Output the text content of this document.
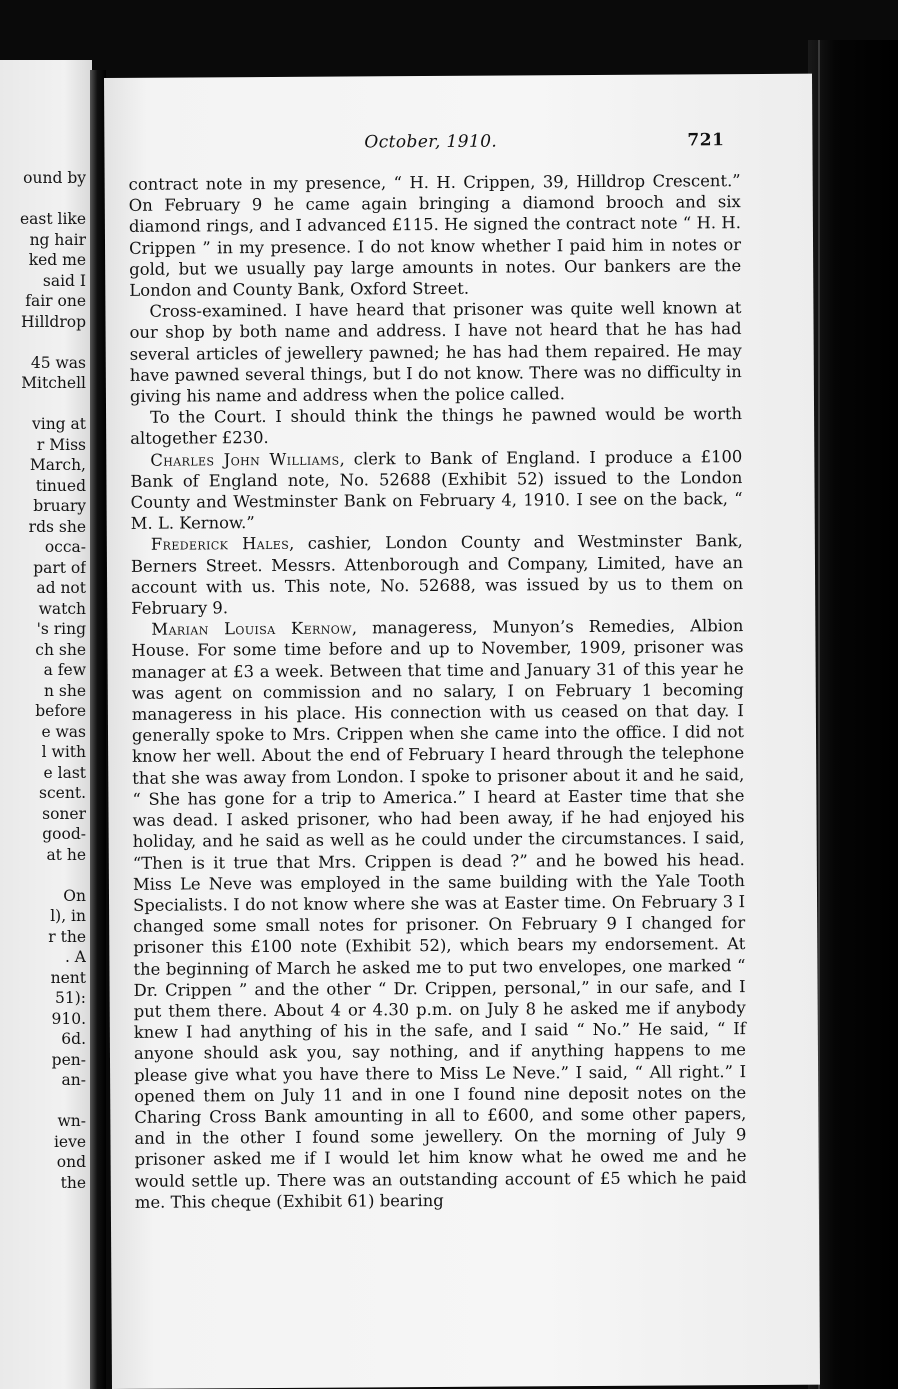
ound by
east like
ng hair
ked me
said I
fair one
Hilldrop
45 was
Mitchell
ving at
r Miss
March,
tinued
bruary
rds she
occa-
part of
ad not
watch
's ring
ch she
a few
n she
before
e was
l with
e last
scent.
soner
good-
at he
On
l), in
r the
. A
nent
51):
910.
6d.
pen-
an-
wn-
ieve
ond
the
October, 1910.	721

contract note in my presence, “ H. H. Crippen, 39, Hilldrop Crescent.” On February 9 he came again bringing a diamond brooch and six diamond rings, and I advanced £115. He signed the contract note “ H. H. Crippen ” in my presence. I do not know whether I paid him in notes or gold, but we usually pay large amounts in notes. Our bankers are the London and County Bank, Oxford Street.

Cross-examined. I have heard that prisoner was quite well known at our shop by both name and address. I have not heard that he has had several articles of jewellery pawned; he has had them repaired. He may have pawned several things, but I do not know. There was no difficulty in giving his name and address when the police called.

To the Court. I should think the things he pawned would be worth altogether £230.

Charles John Williams, clerk to Bank of England. I produce a £100 Bank of England note, No. 52688 (Exhibit 52) issued to the London County and Westminster Bank on February 4, 1910. I see on the back, “ M. L. Kernow.”

Frederick Hales, cashier, London County and Westminster Bank, Berners Street. Messrs. Attenborough and Company, Limited, have an account with us. This note, No. 52688, was issued by us to them on February 9.

Marian Louisa Kernow, manageress, Munyon’s Remedies, Albion House. For some time before and up to November, 1909, prisoner was manager at £3 a week. Between that time and January 31 of this year he was agent on commission and no salary, I on February 1 becoming manageress in his place. His connection with us ceased on that day. I generally spoke to Mrs. Crippen when she came into the office. I did not know her well. About the end of February I heard through the telephone that she was away from London. I spoke to prisoner about it and he said, “ She has gone for a trip to America.” I heard at Easter time that she was dead. I asked prisoner, who had been away, if he had enjoyed his holiday, and he said as well as he could under the circumstances. I said, “Then is it true that Mrs. Crippen is dead ?” and he bowed his head. Miss Le Neve was employed in the same building with the Yale Tooth Specialists. I do not know where she was at Easter time. On February 3 I changed some small notes for prisoner. On February 9 I changed for prisoner this £100 note (Exhibit 52), which bears my endorsement. At the beginning of March he asked me to put two envelopes, one marked “ Dr. Crippen ” and the other “ Dr. Crippen, personal,” in our safe, and I put them there. About 4 or 4.30 p.m. on July 8 he asked me if anybody knew I had anything of his in the safe, and I said “ No.” He said, “ If anyone should ask you, say nothing, and if anything happens to me please give what you have there to Miss Le Neve.” I said, “ All right.” I opened them on July 11 and in one I found nine deposit notes on the Charing Cross Bank amounting in all to £600, and some other papers, and in the other I found some jewellery. On the morning of July 9 prisoner asked me if I would let him know what he owed me and he would settle up. There was an outstanding account of £5 which he paid me. This cheque (Exhibit 61) bearing
